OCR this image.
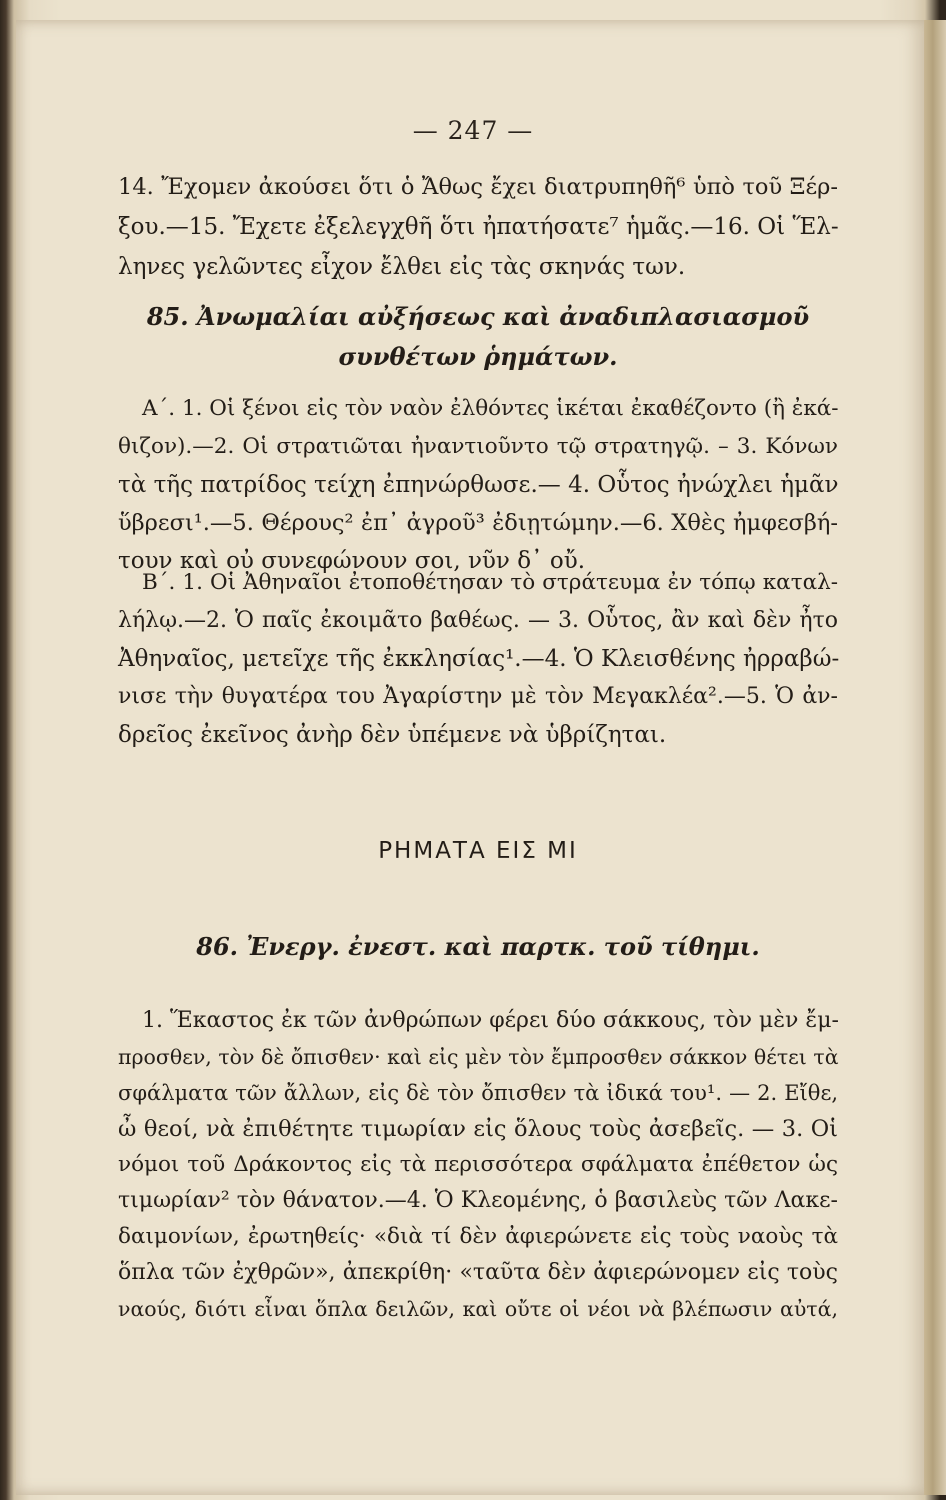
— 247 —
14. Ἔχομεν ἀκούσει ὅτι ὁ Ἄθως ἔχει διατρυπηθῆ⁶ ὑπὸ τοῦ Ξέρ-
ξου.—15. Ἔχετε ἐξελεγχθῆ ὅτι ἠπατήσατε⁷ ἡμᾶς.—16. Οἱ Ἕλ-
ληνες γελῶντες εἶχον ἔλθει εἰς τὰς σκηνάς των.
85. Ἀνωμαλίαι αὐξήσεως καὶ ἀναδιπλασιασμοῦ
συνθέτων ῥημάτων.
Α΄. 1. Οἱ ξένοι εἰς τὸν ναὸν ἐλθόντες ἱκέται ἐκαθέζοντο (ἢ ἐκά-
θιζον).—2. Οἱ στρατιῶται ἠναντιοῦντο τῷ στρατηγῷ. – 3. Κόνων
τὰ τῆς πατρίδος τείχη ἐπηνώρθωσε.— 4. Οὗτος ἠνώχλει ἡμᾶν
ὕβρεσι¹.—5. Θέρους² ἐπ᾽ ἀγροῦ³ ἐδιῃτώμην.—6. Χθὲς ἠμφεσβή-
τουν καὶ οὐ συνεφώνουν σοι, νῦν δ᾽ οὔ.
Β΄. 1. Οἱ Ἀθηναῖοι ἐτοποθέτησαν τὸ στράτευμα ἐν τόπῳ καταλ-
λήλῳ.—2. Ὁ παῖς ἐκοιμᾶτο βαθέως. — 3. Οὗτος, ἂν καὶ δὲν ἦτο
Ἀθηναῖος, μετεῖχε τῆς ἐκκλησίας¹.—4. Ὁ Κλεισθένης ἠρραβώ-
νισε τὴν θυγατέρα του Ἀγαρίστην μὲ τὸν Μεγακλέα².—5. Ὁ ἀν-
δρεῖος ἐκεῖνος ἀνὴρ δὲν ὑπέμενε νὰ ὑβρίζηται.
ΡΗΜΑΤΑ ΕΙΣ ΜΙ
86. Ἐνεργ. ἐνεστ. καὶ παρτκ. τοῦ τίθημι.
1. Ἕκαστος ἐκ τῶν ἀνθρώπων φέρει δύο σάκκους, τὸν μὲν ἔμ-
προσθεν, τὸν δὲ ὄπισθεν· καὶ εἰς μὲν τὸν ἔμπροσθεν σάκκον θέτει τὰ
σφάλματα τῶν ἄλλων, εἰς δὲ τὸν ὄπισθεν τὰ ἰδικά του¹. — 2. Εἴθε,
ὦ θεοί, νὰ ἐπιθέτητε τιμωρίαν εἰς ὅλους τοὺς ἀσεβεῖς. — 3. Οἱ
νόμοι τοῦ Δράκοντος εἰς τὰ περισσότερα σφάλματα ἐπέθετον ὡς
τιμωρίαν² τὸν θάνατον.—4. Ὁ Κλεομένης, ὁ βασιλεὺς τῶν Λακε-
δαιμονίων, ἐρωτηθείς· «διὰ τί δὲν ἀφιερώνετε εἰς τοὺς ναοὺς τὰ
ὅπλα τῶν ἐχθρῶν», ἀπεκρίθη· «ταῦτα δὲν ἀφιερώνομεν εἰς τοὺς
ναούς, διότι εἶναι ὅπλα δειλῶν, καὶ οὔτε οἱ νέοι νὰ βλέπωσιν αὐτά,
